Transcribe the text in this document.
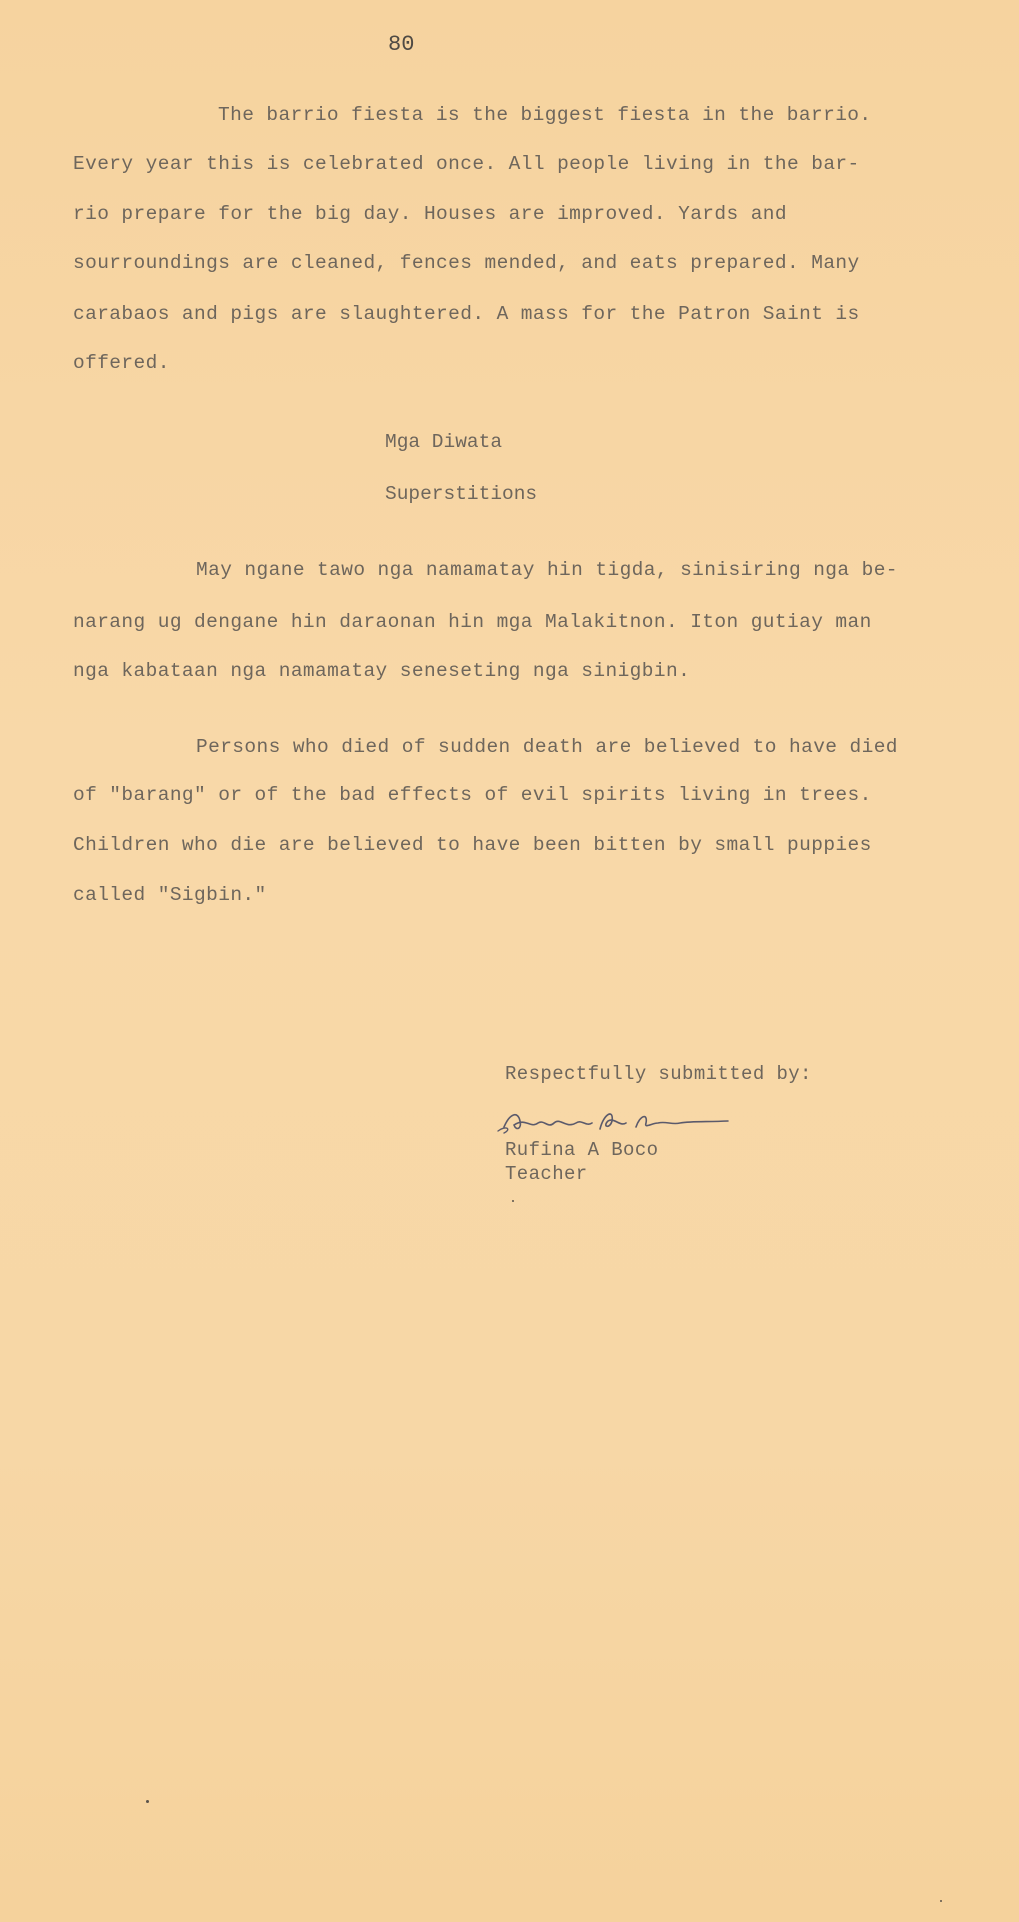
80
The barrio fiesta is the biggest fiesta in the barrio.
Every year this is celebrated once. All people living in the bar-
rio prepare for the big day. Houses are improved. Yards and
sourroundings are cleaned, fences mended, and eats prepared. Many
carabaos and pigs are slaughtered. A mass for the Patron Saint is
offered.
Mga Diwata
Superstitions
May ngane tawo nga namamatay hin tigda, sinisiring nga be-
narang ug dengane hin daraonan hin mga Malakitnon. Iton gutiay man
nga kabataan nga namamatay seneseting nga sinigbin.
Persons who died of sudden death are believed to have died
of "barang" or of the bad effects of evil spirits living in trees.
Children who die are believed to have been bitten by small puppies
called "Sigbin."
Respectfully submitted by:
Rufina A Boco
Teacher
